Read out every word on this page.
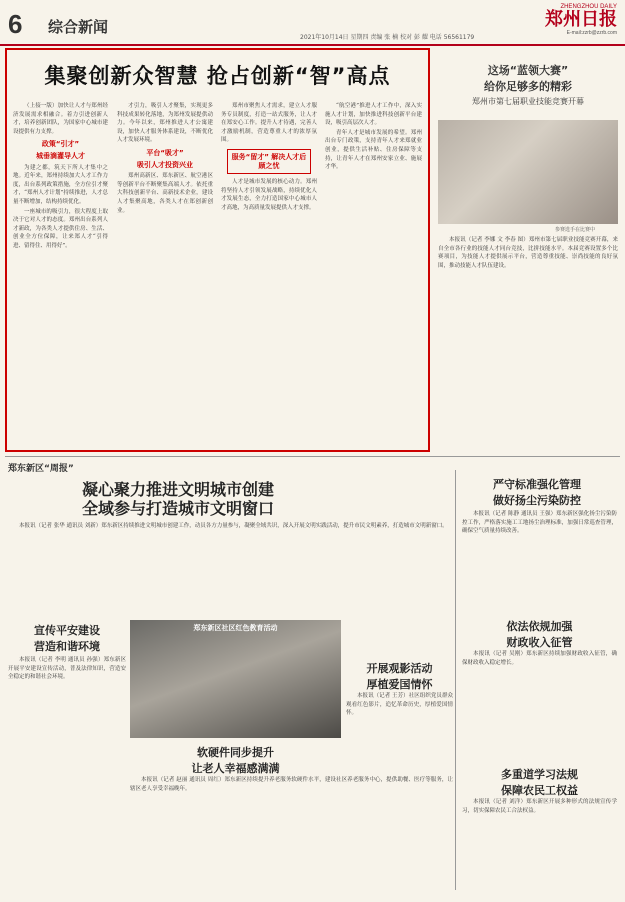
6 综合新闻
2021年10月14日 星期四 责编 张 楠 校对 彭 耀 电话 56561179
ZHENGZHOU DAILY
郑州日报
E-mail:zzrb@zzrb.com
集聚创新众智慧 抢占创新“智”高点

（上接一版）加快让人才与郑州经济发展需求相融合。着力引进创新人才，培养创新团队，为国家中心城市建设提供有力支撑。

政策“引才”
城垂滴灌导人才

为建之都，筑天下所人才集中之地。近年来，郑州持续加大人才工作力度，出台系列政策措施，全方位引才聚才，“郑州人才计划”持续推进，人才总量不断增加，结构持续优化。

一座城市的吸引力，很大程度上取决于它对人才的态度。郑州出台系列人才新政，为各类人才提供住房、生活、创业全方位保障，让来郑人才“引得进、留得住、用得好”。

才引力，吸引人才聚集，实现更多科技成果转化落地，为郑州发展提供动力。今年以来，郑州推进人才公寓建设，加快人才服务体系建设，不断优化人才发展环境。

平台“吸才”
吸引人才投资兴业

郑州高新区、郑东新区、航空港区等创新平台不断聚集高端人才。依托重大科技创新平台、高新技术企业，建设人才集聚高地，各类人才在郑创新创业。

郑州市聚焦人才需求，建立人才服务专员制度，打造一站式服务，让人才在郑安心工作。提升人才待遇，完善人才激励机制，营造尊重人才的浓厚氛围。

服务“留才” 解决人才后顾之忧

人才是城市发展的核心动力。郑州将坚持人才引领发展战略，持续优化人才发展生态，全力打造国家中心城市人才高地，为高质量发展提供人才支撑。

“航空港”推进人才工作中，深入实施人才计划，加快推进科技创新平台建设，吸引高层次人才。

青年人才是城市发展的希望。郑州出台专门政策，支持青年人才来郑就业创业，提供生活补贴、住房保障等支持，让青年人才在郑州安家立业、施展才华。

这场“蓝领大赛”
给你足够多的精彩
郑州市第七届职业技能竞赛开幕
参赛选手在比赛中

本报讯（记者 李娜 文 李春 图）郑州市第七届职业技能竞赛开幕，来自全市各行业的技能人才同台竞技，比拼技能水平。本届竞赛设置多个比赛项目，为技能人才提供展示平台，营造尊重技能、崇尚技能的良好氛围，推动技能人才队伍建设。

郑东新区“周报”
凝心聚力推进文明城市创建
全域参与打造城市文明窗口

本报讯（记者 张华 通讯员 刘新）郑东新区持续推进文明城市创建工作，动员各方力量参与，凝聚全域共识，深入开展文明实践活动，提升市民文明素养，打造城市文明新窗口。

严守标准强化管理
做好扬尘污染防控

本报讯（记者 陈静 通讯员 王强）郑东新区强化扬尘污染防控工作，严格落实施工工地扬尘治理标准，加强日常巡查管理，确保空气质量持续改善。

宣传平安建设
营造和谐环境

本报讯（记者 李明 通讯员 孙强）郑东新区开展平安建设宣传活动，普及法律知识，营造安全稳定的和谐社会环境。

郑东新区社区红色教育活动
开展观影活动
厚植爱国情怀

本报讯（记者 王芳）社区组织党员群众观看红色影片，追忆革命历史，厚植爱国情怀。

依法依规加强
财政收入征管

本报讯（记者 吴刚）郑东新区持续加强财政收入征管，确保财政收入稳定增长。

软硬件同步提升
让老人幸福感满满

本报讯（记者 赵丽 通讯员 周红）郑东新区持续提升养老服务软硬件水平，建设社区养老服务中心，提供助餐、医疗等服务，让辖区老人享受幸福晚年。

多重道学习法规
保障农民工权益

本报讯（记者 刘洋）郑东新区开展多种形式的法规宣传学习，切实保障农民工合法权益。
